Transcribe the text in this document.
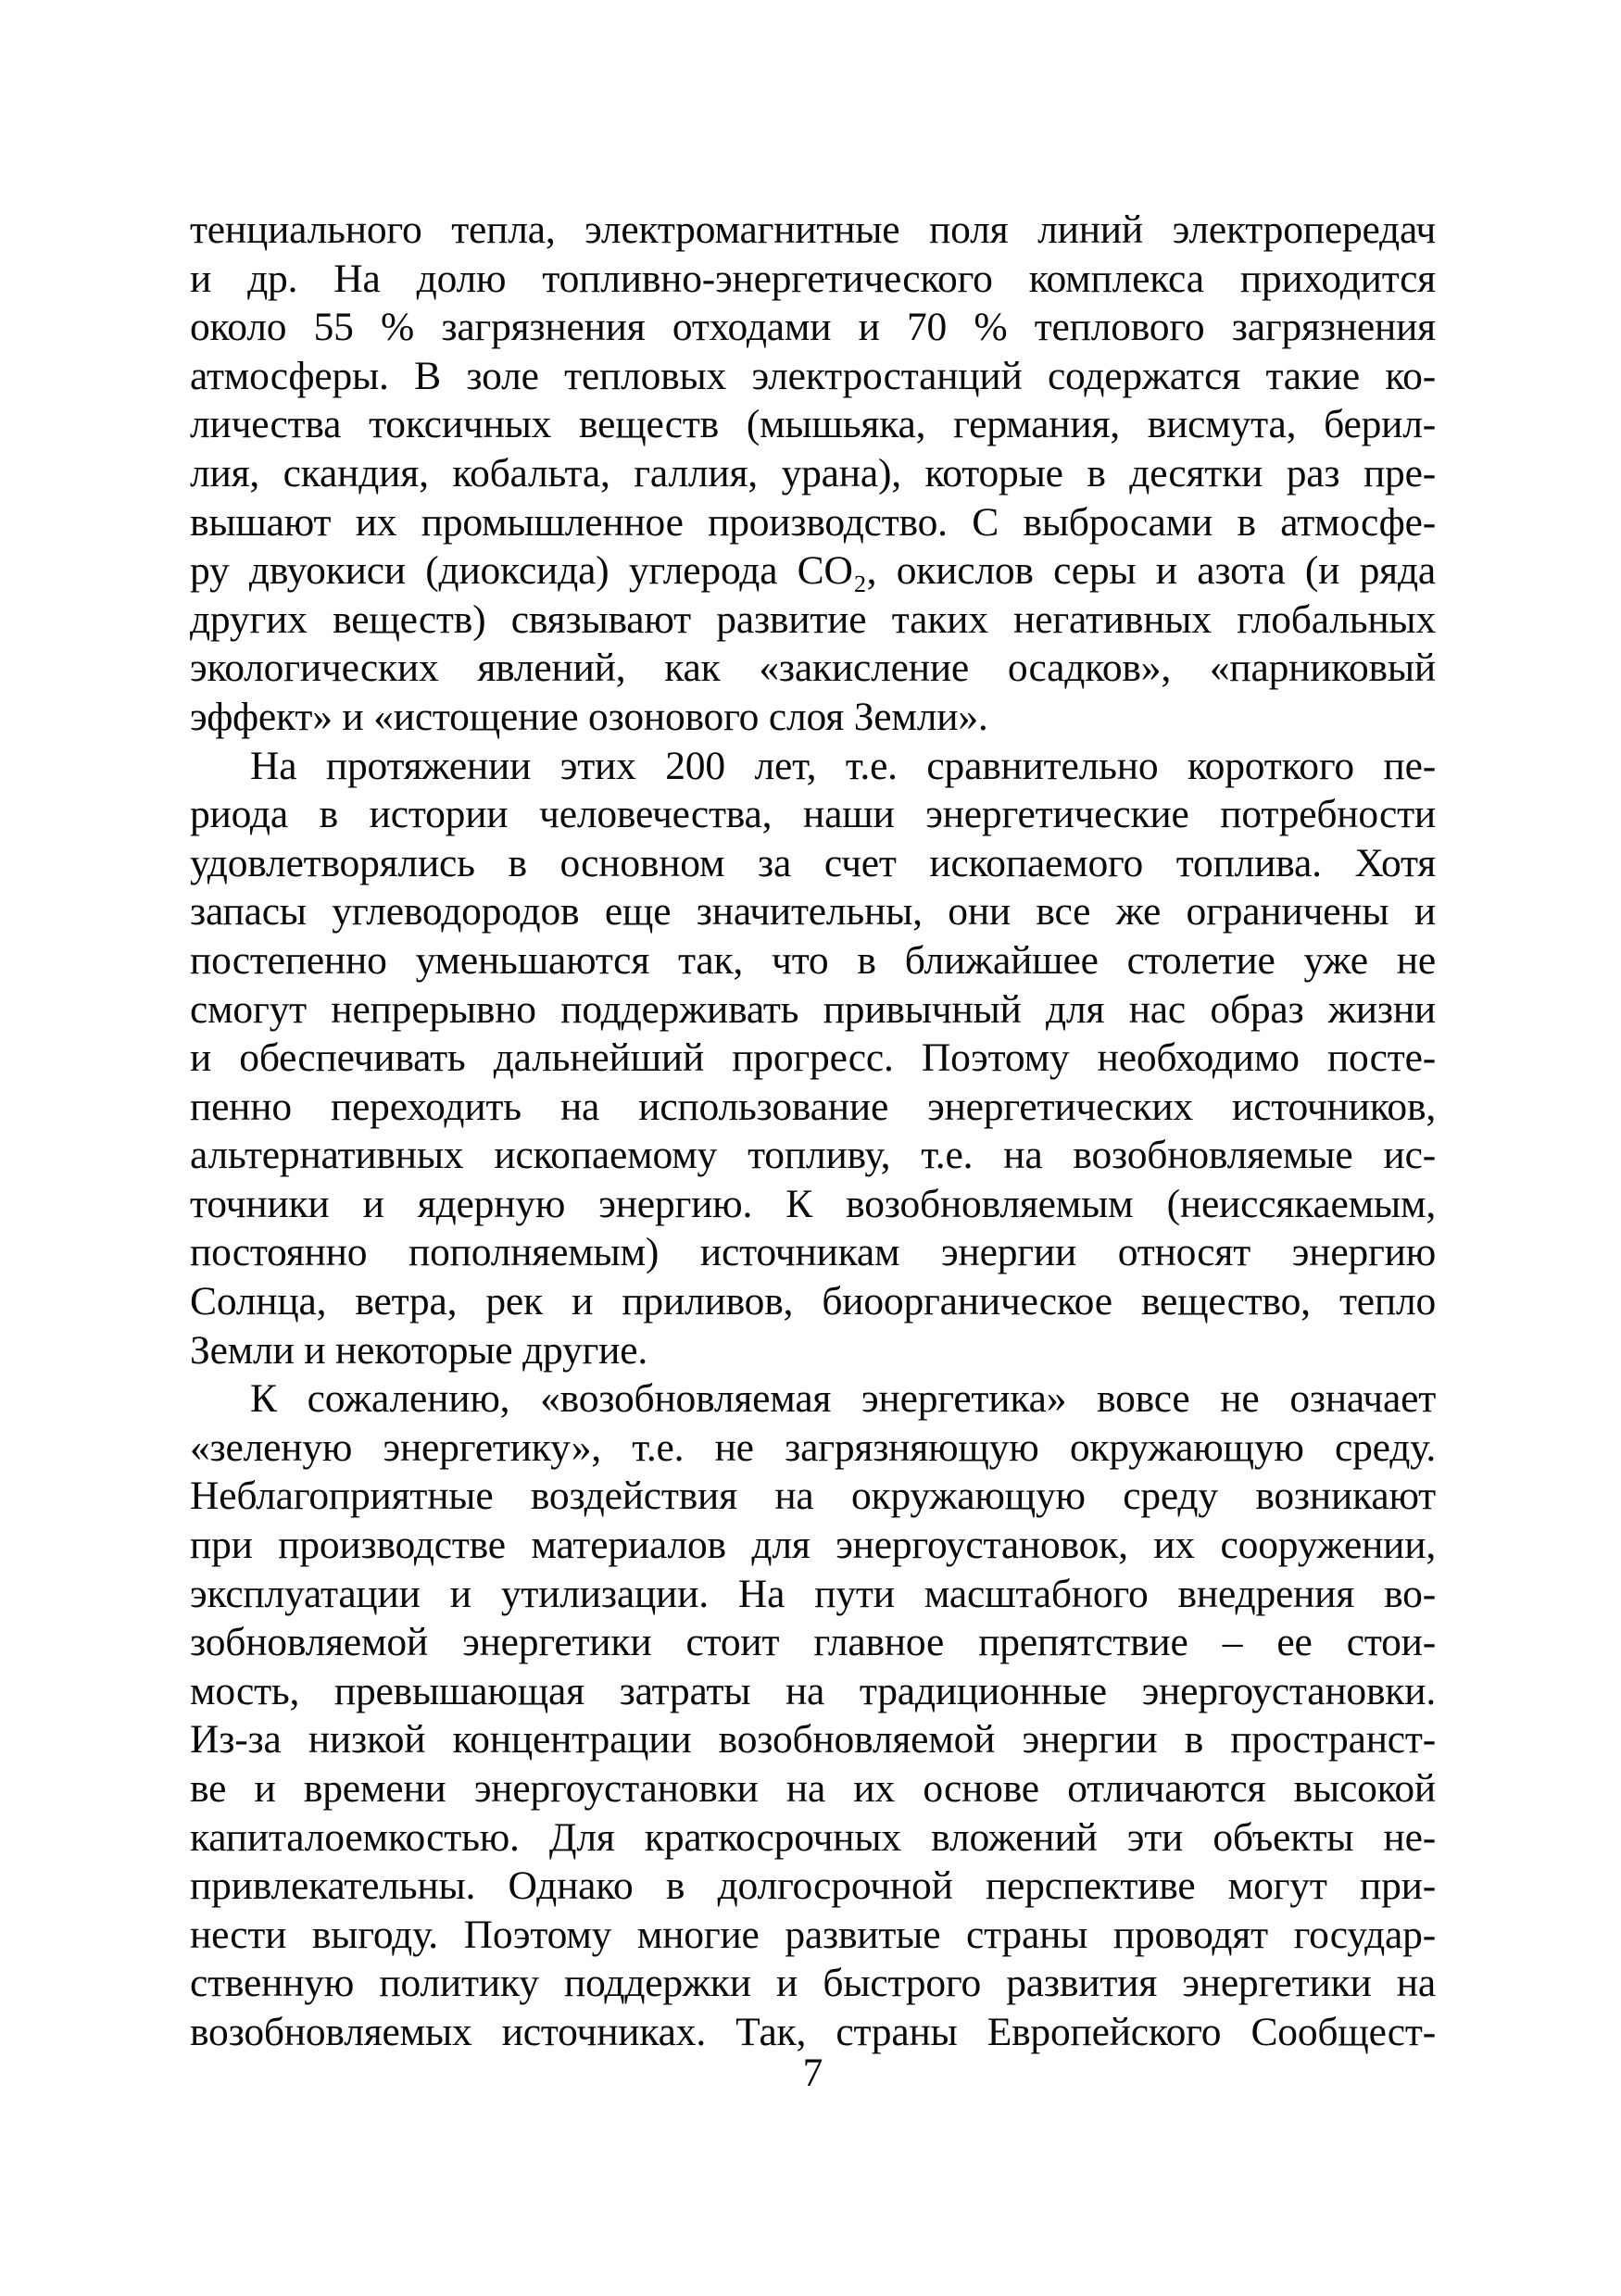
тенциального тепла, электромагнитные поля линий электропередач
и др. На долю топливно-энергетического комплекса приходится
около 55 % загрязнения отходами и 70 % теплового загрязнения
атмосферы. В золе тепловых электростанций содержатся такие ко-
личества токсичных веществ (мышьяка, германия, висмута, берил-
лия, скандия, кобальта, галлия, урана), которые в десятки раз пре-
вышают их промышленное производство. С выбросами в атмосфе-
ру двуокиси (диоксида) углерода СО₂, окислов серы и азота (и ряда
других веществ) связывают развитие таких негативных глобальных
экологических явлений, как «закисление осадков», «парниковый
эффект» и «истощение озонового слоя Земли».
На протяжении этих 200 лет, т.е. сравнительно короткого пе-
риода в истории человечества, наши энергетические потребности
удовлетворялись в основном за счет ископаемого топлива. Хотя
запасы углеводородов еще значительны, они все же ограничены и
постепенно уменьшаются так, что в ближайшее столетие уже не
смогут непрерывно поддерживать привычный для нас образ жизни
и обеспечивать дальнейший прогресс. Поэтому необходимо посте-
пенно переходить на использование энергетических источников,
альтернативных ископаемому топливу, т.е. на возобновляемые ис-
точники и ядерную энергию. К возобновляемым (неиссякаемым,
постоянно пополняемым) источникам энергии относят энергию
Солнца, ветра, рек и приливов, биоорганическое вещество, тепло
Земли и некоторые другие.
К сожалению, «возобновляемая энергетика» вовсе не означает
«зеленую энергетику», т.е. не загрязняющую окружающую среду.
Неблагоприятные воздействия на окружающую среду возникают
при производстве материалов для энергоустановок, их сооружении,
эксплуатации и утилизации. На пути масштабного внедрения во-
зобновляемой энергетики стоит главное препятствие – ее стои-
мость, превышающая затраты на традиционные энергоустановки.
Из-за низкой концентрации возобновляемой энергии в пространст-
ве и времени энергоустановки на их основе отличаются высокой
капиталоемкостью. Для краткосрочных вложений эти объекты не-
привлекательны. Однако в долгосрочной перспективе могут при-
нести выгоду. Поэтому многие развитые страны проводят государ-
ственную политику поддержки и быстрого развития энергетики на
возобновляемых источниках. Так, страны Европейского Сообщест-
7
